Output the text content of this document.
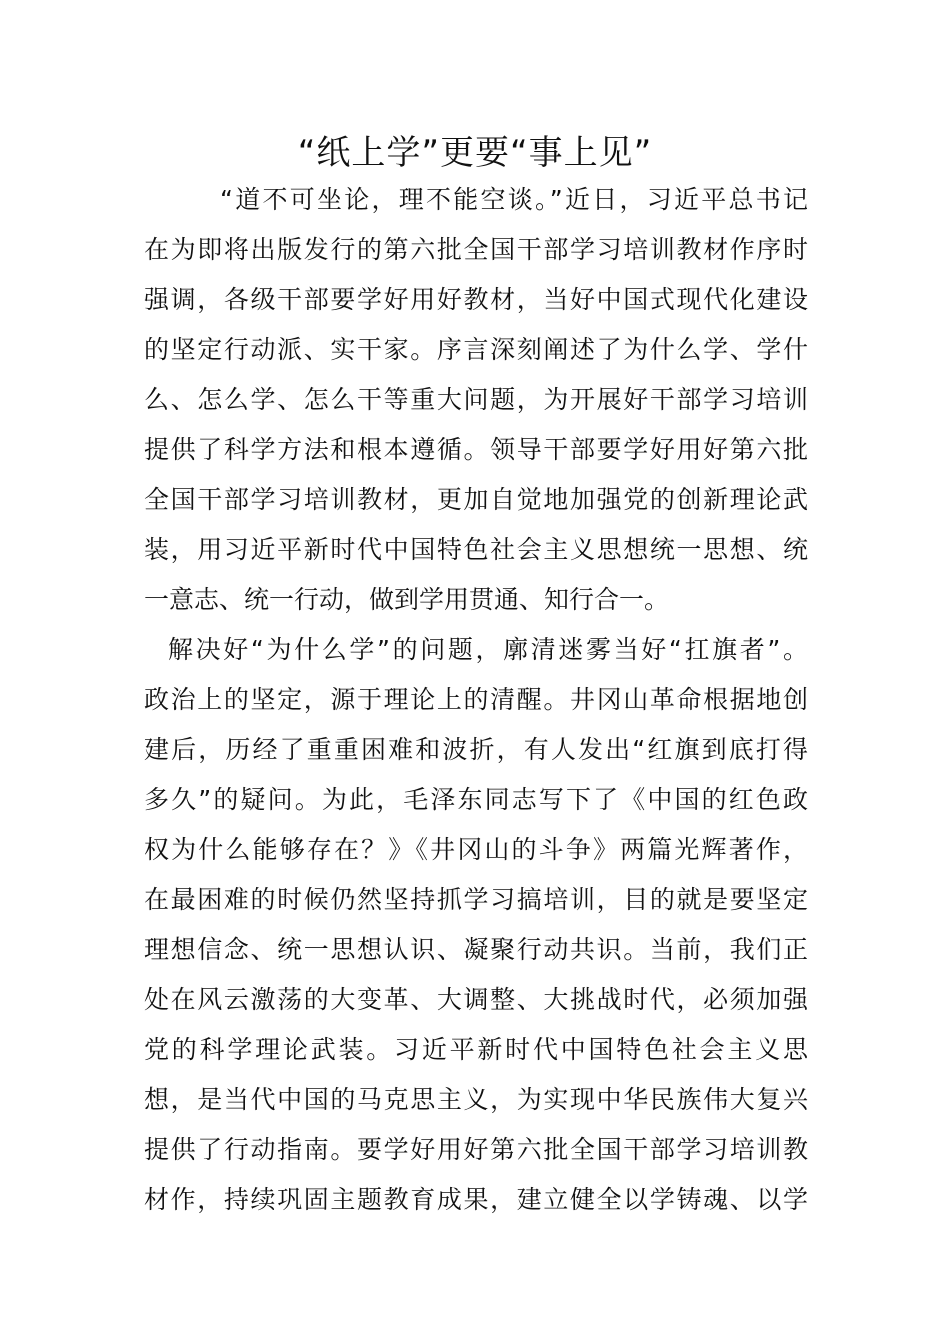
“纸上学”更要“事上见”
“道不可坐论，理不能空谈。”近日，习近平总书记
在为即将出版发行的第六批全国干部学习培训教材作序时
强调，各级干部要学好用好教材，当好中国式现代化建设
的坚定行动派、实干家。序言深刻阐述了为什么学、学什
么、怎么学、怎么干等重大问题，为开展好干部学习培训
提供了科学方法和根本遵循。领导干部要学好用好第六批
全国干部学习培训教材，更加自觉地加强党的创新理论武
装，用习近平新时代中国特色社会主义思想统一思想、统
一意志、统一行动，做到学用贯通、知行合一。
解决好“为什么学”的问题，廓清迷雾当好“扛旗者”。
政治上的坚定，源于理论上的清醒。井冈山革命根据地创
建后，历经了重重困难和波折，有人发出“红旗到底打得
多久”的疑问。为此，毛泽东同志写下了《中国的红色政
权为什么能够存在？》《井冈山的斗争》两篇光辉著作，
在最困难的时候仍然坚持抓学习搞培训，目的就是要坚定
理想信念、统一思想认识、凝聚行动共识。当前，我们正
处在风云激荡的大变革、大调整、大挑战时代，必须加强
党的科学理论武装。习近平新时代中国特色社会主义思
想，是当代中国的马克思主义，为实现中华民族伟大复兴
提供了行动指南。要学好用好第六批全国干部学习培训教
材作，持续巩固主题教育成果，建立健全以学铸魂、以学
